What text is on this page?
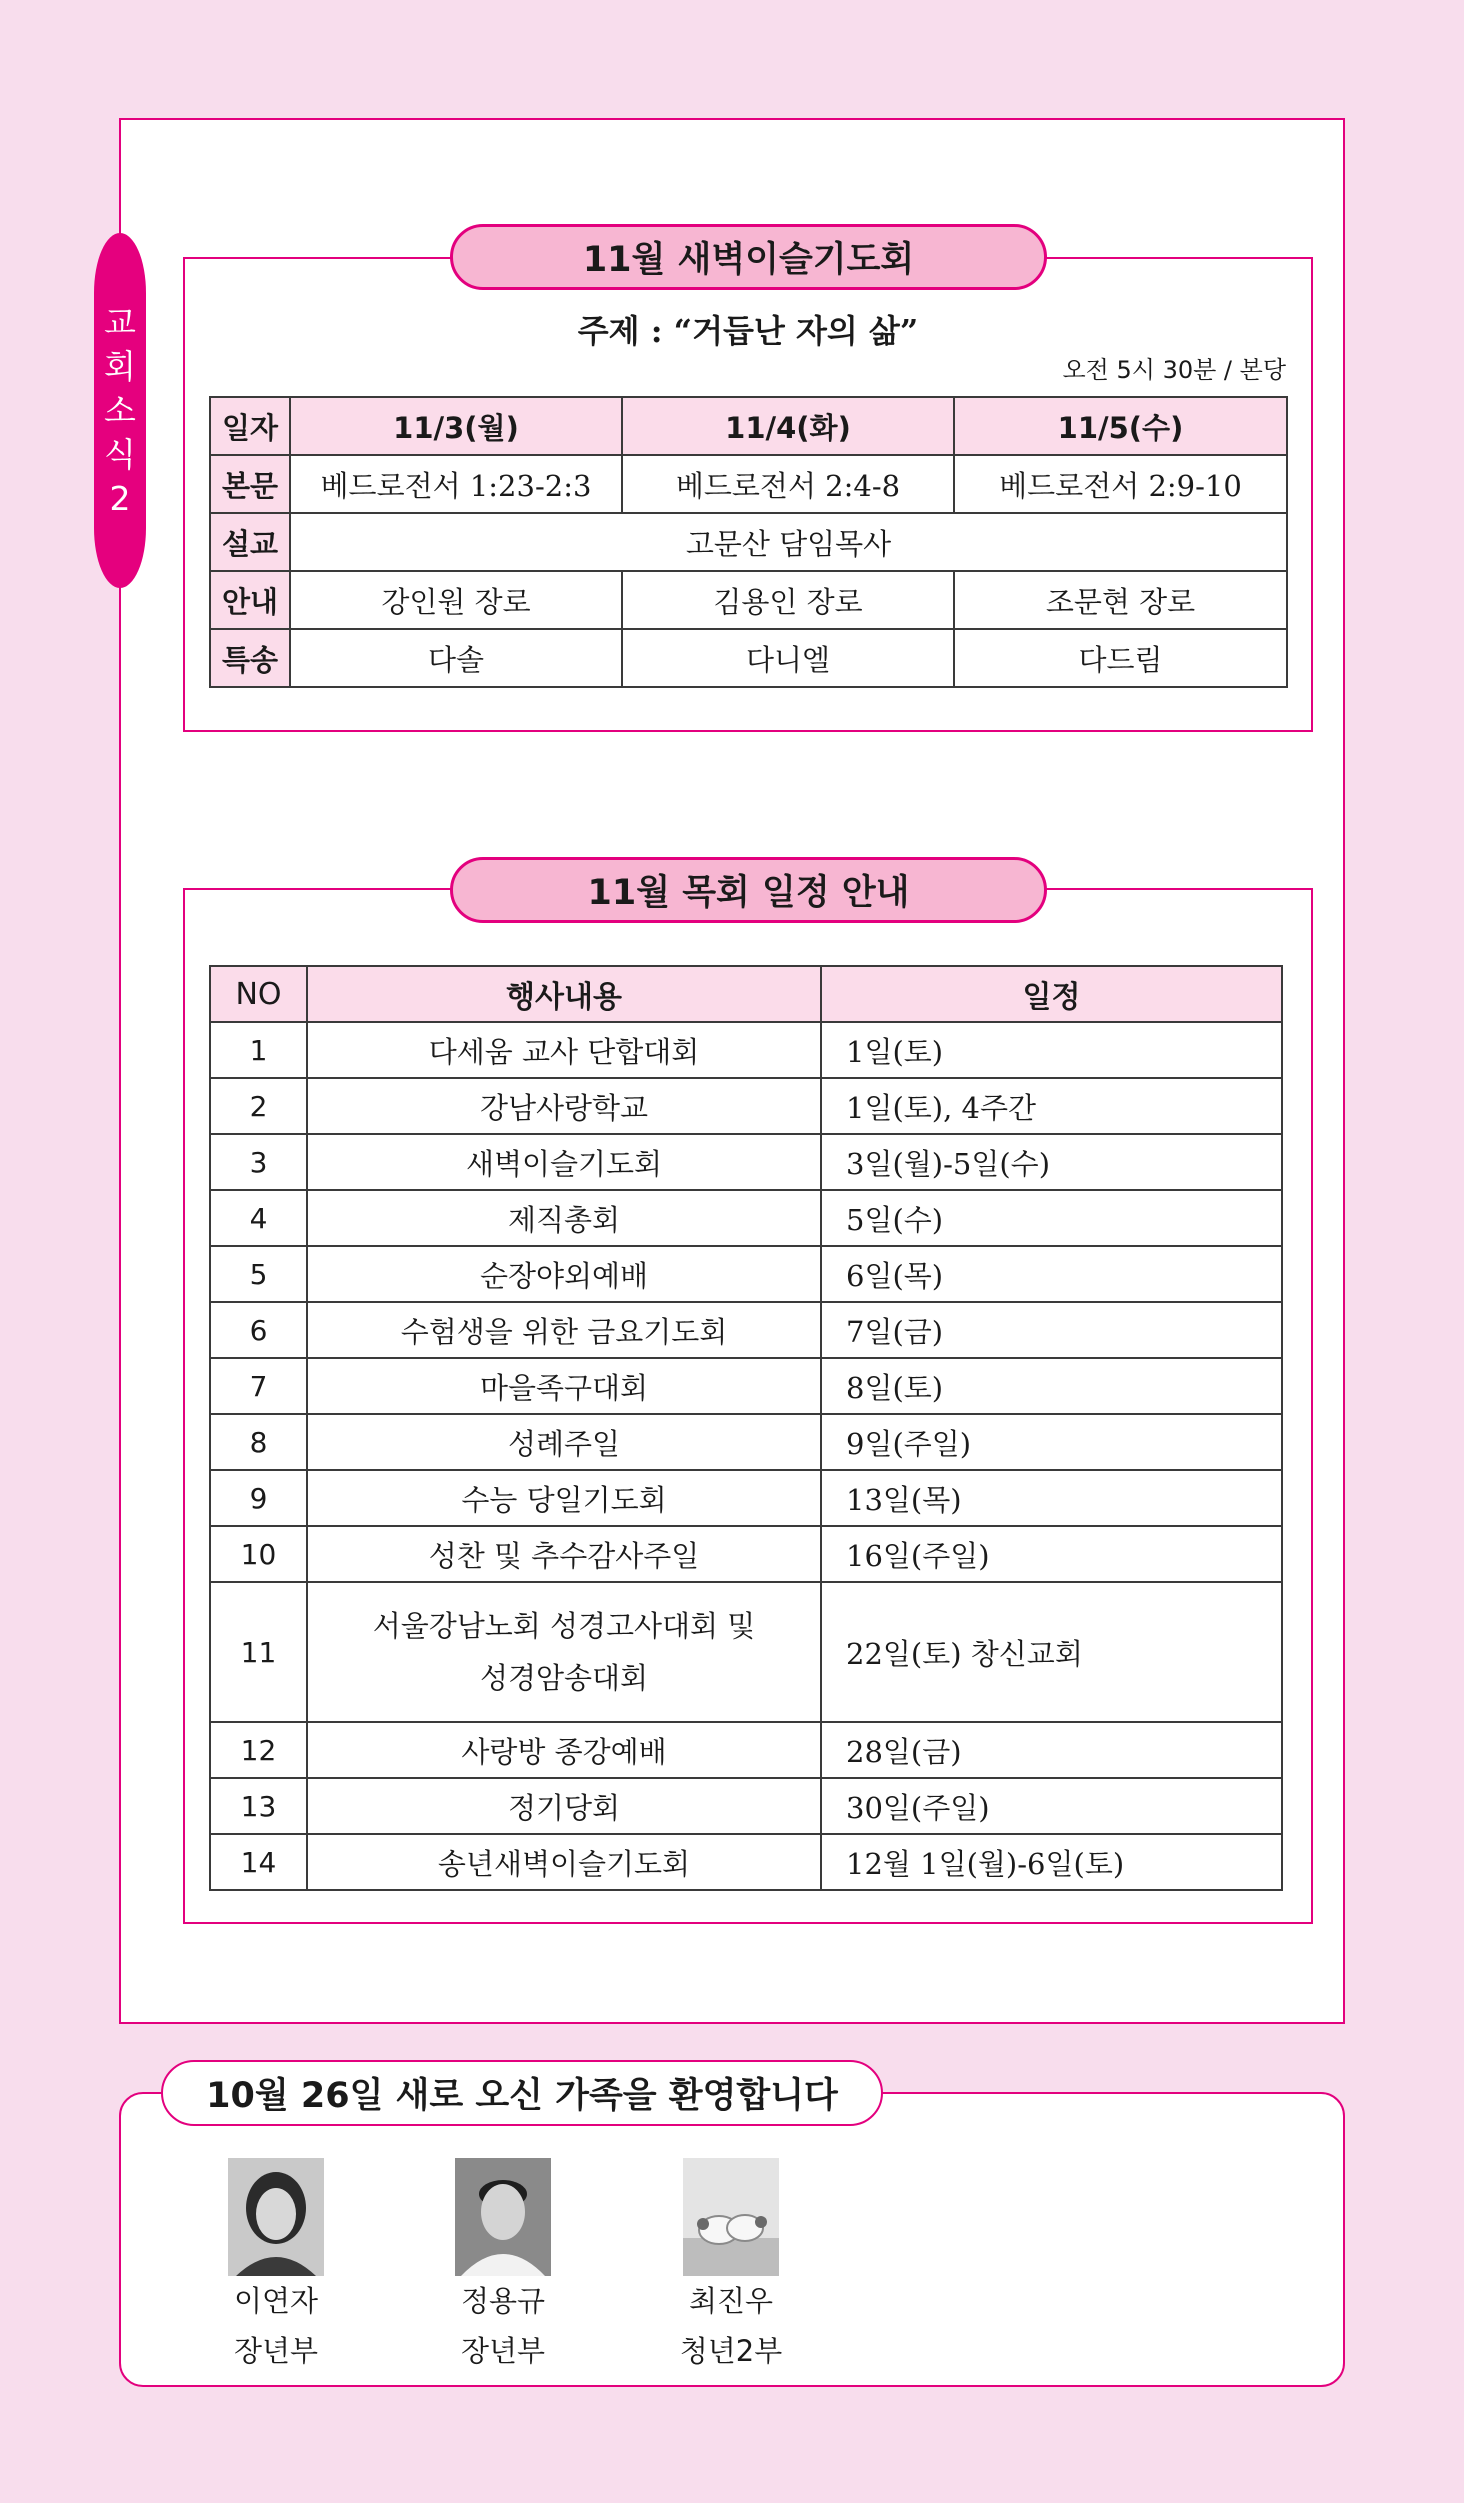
교
회
소
식
2
11월 새벽이슬기도회
주제 : “거듭난 자의 삶”
오전 5시 30분 / 본당
일자	11/3(월)	11/4(화)	11/5(수)
본문	베드로전서 1:23-2:3	베드로전서 2:4-8	베드로전서 2:9-10
설교	고문산 담임목사		
안내	강인원 장로	김용인 장로	조문현 장로
특송	다솔	다니엘	다드림
11월 목회 일정 안내
NO	행사내용	일정
1	다세움 교사 단합대회	1일(토)
2	강남사랑학교	1일(토), 4주간
3	새벽이슬기도회	3일(월)-5일(수)
4	제직총회	5일(수)
5	순장야외예배	6일(목)
6	수험생을 위한 금요기도회	7일(금)
7	마을족구대회	8일(토)
8	성례주일	9일(주일)
9	수능 당일기도회	13일(목)
10	성찬 및 추수감사주일	16일(주일)
11	서울강남노회 성경고사대회 및
성경암송대회	22일(토) 창신교회
12	사랑방 종강예배	28일(금)
13	정기당회	30일(주일)
14	송년새벽이슬기도회	12월 1일(월)-6일(토)
10월 26일 새로 오신 가족을 환영합니다
이연자
장년부
정용규
장년부
최진우
청년2부
